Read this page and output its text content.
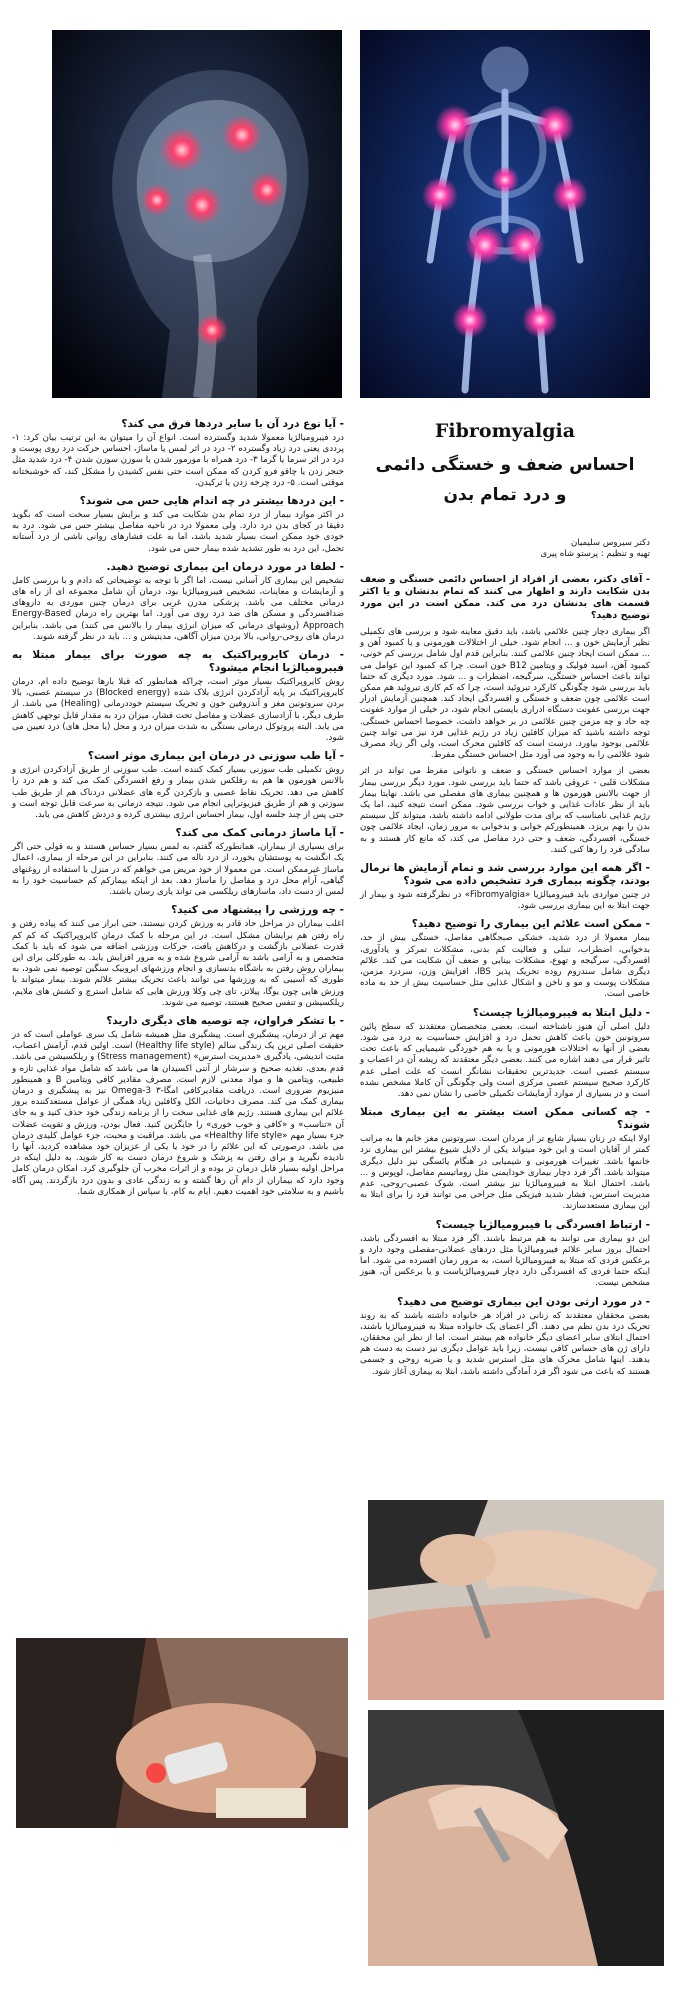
Fibromyalgia
احساس ضعف و خستگی دائمی
و درد تمام بدن
دکتر سیروس سلیمیان
تهیه و تنظیم : پرستو شاه پیری

- آقای دکتر، بعضی از افراد از احساس دائمی خستگی و ضعف بدن شکایت دارند و اظهار می کنند که تمام بدنشان و یا اکثر قسمت های بدنشان درد می کند. ممکن است در این مورد توضیح دهید؟

اگر بیماری دچار چنین علائمی باشد، باید دقیق معاینه شود و بررسی های تکمیلی نظیر آزمایش خون و ... انجام شود. خیلی از اختلالات هورمونی و یا کمبود آهن و ... ممکن است ایجاد چنین علائمی کنند. بنابراین قدم اول شامل بررسی کم خونی، کمبود آهن، اسید فولیک و ویتامین B12 خون است. چرا که کمبود این عوامل می تواند باعث احساس خستگی، سرگیجه، اضطراب و ... شود. مورد دیگری که حتما باید بررسی شود چگونگی کارکرد تیروئید است، چرا که کم کاری تیروئید هم ممکن است علائمی چون ضعف و خستگی و افسردگی ایجاد کند. همچنین آزمایش ادرار جهت بررسی عفونت دستگاه ادراری بایستی انجام شود، در خیلی از موارد عفونت چه حاد و چه مزمن چنین علائمی در بر خواهد داشت، خصوصا احساس خستگی. توجه داشته باشید که میزان کافئین زیاد در رژیم غذایی فرد نیز می تواند چنین علائمی بوجود بیاورد. درست است که کافئین محرک است، ولی اگر زیاد مصرف شود علائمی را به وجود می آورد مثل احساس خستگی مفرط.

بعضی از موارد احساس خستگی و ضعف و ناتوانی مفرط می تواند در اثر مشکلات قلبی - عروقی باشد که حتما باید بررسی شود. مورد دیگر بررسی بیمار از جهت بالانس هورمون ها و همچنین بیماری های مفصلی می باشد. نهایتا بیمار باید از نظر عادات غذایی و خواب بررسی شود. ممکن است نتیجه کنید، اما یک رژیم غذایی نامناسب که برای مدت طولانی ادامه داشته باشد، میتواند کل سیستم بدن را بهم بریزد. همینطورکم خوابی و بدخوابی به مرور زمان، ایجاد علائمی چون خستگی، افسردگی، ضعف و حتی درد مفاصل می کند، که مانع کار هستند و به سادگی فرد را رها کنی کنند.

- اگر همه این موارد بررسی شد و تمام آزمایش ها نرمال بودند، چگونه بیماری فرد تشخیص داده می شود؟

در چنین مواردی باید فیبرومیالژیا «Fibromyalgia» در نظرگرفته شود و بیمار از جهت ابتلا به این بیماری بررسی شود.

- ممکن است علائم این بیماری را توضیح دهید؟

بیمار معمولا از درد شدید، خشکی صبحگاهی مفاصل، خستگی بیش از حد، بدخوابی، اضطراب، تنبلی و فعالیت کم بدنی، مشکلات تمرکز و یادآوری، افسردگی، سرگیجه و تهوع، مشکلات بینایی و ضعف آن شکایت می کند. علائم دیگری شامل سندروم روده تحریک پذیر IBS، افزایش وزن، سردرد مزمن، مشکلات پوست و مو و ناخن و اشکال غذایی مثل حساسیت بیش از حد به ماده خاصی است.

- دلیل ابتلا به فیبرومیالژیا چیست؟

دلیل اصلی آن هنوز ناشناخته است. بعضی متخصصان معتقدند که سطح پائین سروتونین خون باعث کاهش تحمل درد و افزایش حساسیت به درد می شود. بعضی از آنها به اختلالات هورمونی و یا به هم خوردگی شیمیایی که باعث تحت تاثیر قرار می دهند اشاره می کنند. بعضی دیگر معتقدند که ریشه آن در اعصاب و سیستم عصبی است. جدیدترین تحقیقات نشانگر انست که علت اصلی عدم کارکرد صحیح سیستم عصبی مرکزی است ولی چگونگی آن کاملا مشخص نشده است و در بسیاری از موارد آزمایشات تکمیلی خاصی را نشان نمی دهد.

- چه کسانی ممکن است بیشتر به این بیماری مبتلا شوند؟

اولا اینکه در زنان بسیار شایع تر از مردان است. سروتونین مغز خانم ها به مراتب کمتر از آقایان است و این خود میتواند یکی از دلایل شیوع بیشتر این بیماری نزد خانمها باشد. تغییرات هورمونی و شیمیایی در هنگام یائسگی نیز دلیل دیگری میتواند باشد. اگر فرد دچار بیماری خودایمنی مثل روماتیسم مفاصل، لوپوس و ... باشد، احتمال ابتلا به فیبرومیالژیا نیز بیشتر است. شوک عصبی-روحی، عدم مدیریت استرس، فشار شدید فیزیکی مثل جراحی می توانند فرد را برای ابتلا به این بیماری مستعدسازند.

- ارتباط افسردگی با فیبرومیالژیا چیست؟

این دو بیماری می توانند به هم مرتبط باشند. اگر فرد مبتلا به افسردگی باشد، احتمال بروز سایر علائم فیبرومیالژیا مثل دردهای عضلانی-مفصلی وجود دارد و برعکس فردی که مبتلا به فیبرومیالژیا است، به مرور زمان افسرده می شود. اما اینکه حتما فردی که افسردگی دارد دچار فیبرومیالژیاست و یا برعکس آن، هنوز مشخص نیست.

- در مورد ارثی بودن این بیماری توضیح می دهید؟

بعضی محققان معتقدند که زنانی در افراد هر خانواده داشته باشند که به روند تحریک درد بدن نظم می دهند. اگر اعضای یک خانواده مبتلا به فیبرومیالژیا باشند، احتمال ابتلای سایر اعضای دیگر خانواده هم بیشتر است. اما از نظر این محققان، دارای ژن های حساس کافی نیست، زیرا باید عوامل دیگری نیز دست به دست هم بدهند. اینها شامل محرک های مثل استرس شدید و یا ضربه روحی و جسمی هستند که باعث می شود اگر فرد آمادگی داشته باشد، ابتلا به بیماری آغاز شود.

- آیا نوع درد آن با سایر دردها فرق می کند؟

درد فیبرومیالژیا معمولا شدید وگسترده است. انواع آن را میتوان به این ترتیب بیان کرد: ۱- پرددی یعنی درد زیاد وگسترده ۲- درد در اثر لمس یا ماساژ، احساس حرکت درد روی پوست و درد در اثر سرما یا گرما ۳- درد همراه با مورمور شدن یا سوزن سوزن شدن ۴- درد شدید مثل خنجر زدن یا چاقو فرو کردن که ممکن است حتی نفس کشیدن را مشکل کند، که خوشبختانه موقتی است. ۵- درد چرخه زدن یا ترکیدن.

- این دردها بیشتر در چه اندام هایی حس می شوند؟

در اکثر موارد بیمار از درد تمام بدن شکایت می کند و برایش بسیار سخت است که بگوید دقیقا در کجای بدن درد دارد. ولی معمولا درد در ناحیه مفاصل بیشتر حس می شود. درد به خودی خود ممکن است بسیار شدید باشد، اما به علت فشارهای روانی ناشی از درد آستانه تحمل، این درد به طور تشدید شده بیمار حس می شود.

- لطفا در مورد درمان این بیماری توضیح دهید.

تشخیص این بیماری کار آسانی نیست، اما اگر با توجه به توضیحاتی که دادم و با بررسی کامل و آزمایشات و معاینات، تشخیص فیبرومیالژیا بود، درمان آن شامل مجموعه ای از راه های درمانی مختلف می باشد. پزشکی مدرن غربی برای درمان چنین موردی به داروهای ضدافسردگی و مسکن های ضد درد روی می آورد. اما بهترین راه درمان Energy-Based Approach (روشهای درمانی که میزان انرژی بیمار را بالانس می کنند) می باشد. بنابراین درمان های روحی-روانی، بالا بردن میزان آگاهی، مدیتیشن و ... باید در نظر گرفته شوند.

- درمان کایروپراکتیک به چه صورت برای بیمار مبتلا به فیبرومیالژیا انجام میشود؟

روش کایروپراکتیک بسیار موثر است، چراکه همانطور که قبلا بارها توضیح داده ام، درمان کایروپراکتیک بر پایه آزادکردن انرژی بلاک شده (Blocked energy) در سیستم عصبی، بالا بردن سروتونین مغز و آندروفین خون و تحریک سیستم خوددرمانی (Healing) می باشد. از طرف دیگر، با آزادسازی عضلات و مفاصل تحت فشار، میزان درد به مقدار قابل توجهی کاهش می یابد. البته پروتوکل درمانی بستگی به شدت میزان درد و محل (یا محل های) درد تعیین می شود.

- آیا طب سوزنی در درمان این بیماری موثر است؟

روش تکمیلی طب سوزنی بسیار کمک کننده است. طب سوزنی از طریق آزادکردن انرژی و بالانس هورمون ها هم به رفلکس شدن بیمار و رفع افسردگی کمک می کند و هم درد را کاهش می دهد. تحریک نقاط عصبی و بازکردن گره های عضلانی دردناک هم از طریق طب سوزنی و هم از طریق فیزیوتراپی انجام می شود. نتیجه درمانی به سرعت قابل توجه است و حتی پس از چند جلسه اول، بیمار احساس انرژی بیشتری کرده و دردش کاهش می یابد.

- آیا ماساژ درمانی کمک می کند؟

برای بسیاری از بیماران، همانطورکه گفتم، به لمس بسیار حساس هستند و به قولی حتی اگر یک انگشت به پوستشان بخورد، از درد ناله می کنند. بنابراین در این مرحله از بیماری، اعمال ماساژ غیرممکن است. من معمولا از خود مریض می خواهم که در منزل با استفاده از روغنهای گیاهی، آرام محل درد و مفاصل را ماساژ دهد. بعد از اینکه بیمارکم کم حساسیت خود را به لمس از دست داد، ماسازهای ریلکسی می تواند یاری رسان باشند.

- چه ورزشی را پیشنهاد می کنید؟

اغلب بیماران در مراحل حاد قادر به ورزش کردن نیستند، حتی ابراز می کنند که پیاده رفتن و راه رفتن هم برایشان مشکل است. در این مرحله با کمک درمان کایروپراکتیک که کم کم قدرت عضلانی بازگشت و درکاهش یافت، حرکات ورزشی اضافه می شود که باید با کمک متخصص و به آرامی باشد به آرامی شروع شده و به مرور افزایش یابد. به طورکلی برای این بیماران روش رفتن به باشگاه بدنسازی و انجام ورزشهای ایروبیک سنگین توصیه نمی شود، به طوری که آسیبی که به ورزشها می توانند باعث تحریک بیشتر علائم شوند. بیمار میتواند با ورزش هایی چون یوگا، پیلاتز، تای چی وکلا ورزش هایی که شامل استرچ و کشش های ملایم، ریلکسیشن و تنفس صحیح هستند، توصیه می شوند.

- با تشکر فراوان، چه توصیه های دیگری دارید؟

مهم تر از درمان، پیشگیری است. پیشگیری مثل همیشه شامل یک سری عواملی است که در حقیقت اصلی ترین یک زندگی سالم (Healthy life style) است. اولین قدم، آرامش اعصاب، مثبت اندیشی، یادگیری «مدیریت استرس» (Stress management) و ریلکسیشن می باشد. قدم بعدی، تغذیه صحیح و سرشار از آنتی اکسیدان ها می باشد که شامل مواد غذایی تازه و طبیعی، ویتامین ها و مواد معدنی لازم است. مصرف مقادیر کافی ویتامین B و همینطور منیزیوم ضروری است. دریافت مقادیرکافی امگا-۳ Omega-3 نیز به پیشگیری و درمان بیماری کمک می کند. مصرف دخانیات، الکل وکافئین زیاد همگی از عوامل مستعدکننده بروز علائم این بیماری هستند. رژیم های غذایی سخت را از برنامه زندگی خود حذف کنید و به جای آن «تناسب» و «کافی و خوب خوری» را جایگزین کنید. فعال بودن، ورزش و تقویت عضلات جزء بسیار مهم «Healthy life style» می باشد. مراقبت و محبت، جزء عوامل کلیدی درمان می باشد. درصورتی که این علائم را در خود یا یکی از عزیزان خود مشاهده کردید، آنها را نادیده نگیرید و برای رفتن به پزشک و شروع درمان دست به کار شوید. به دلیل اینکه در مراحل اولیه بسیار قابل درمان تر بوده و از اثرات مخرب آن جلوگیری کرد. امکان درمان کامل وجود دارد که بیماران از دام آن رها گشته و به زندگی عادی و بدون درد بازگردند. پس آگاه باشیم و به سلامتی خود اهمیت دهیم. ایام به کام، با سپاس از همکاری شما.
